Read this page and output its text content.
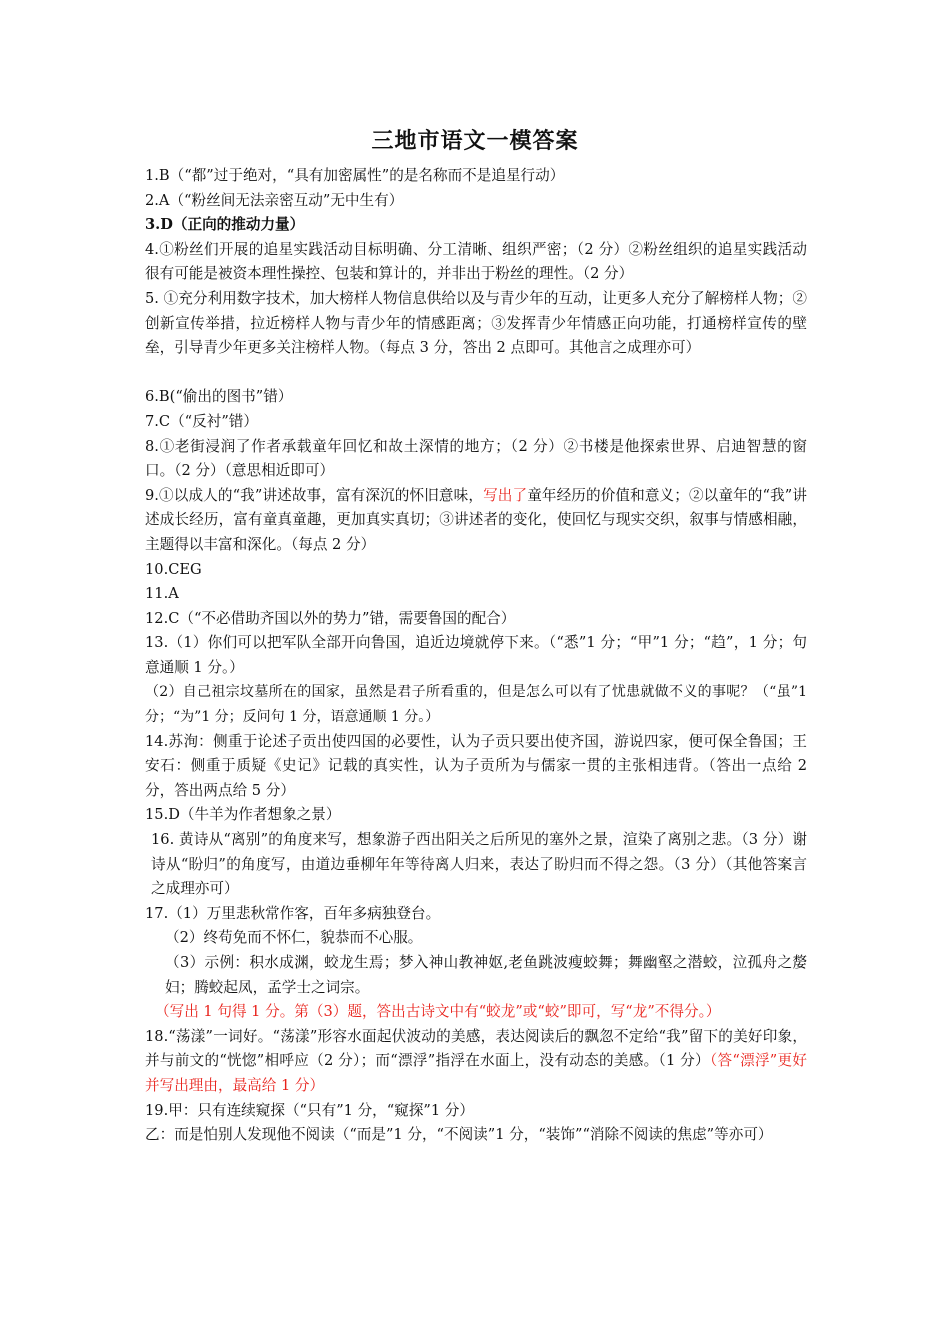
三地市语文一模答案

1.B（“都”过于绝对，“具有加密属性”的是名称而不是追星行动）

2.A（“粉丝间无法亲密互动”无中生有）

3.D（正向的推动力量）

4.①粉丝们开展的追星实践活动目标明确、分工清晰、组织严密；（2 分）②粉丝组织的追星实践活动很有可能是被资本理性操控、包装和算计的，并非出于粉丝的理性。（2 分）

5. ①充分利用数字技术，加大榜样人物信息供给以及与青少年的互动，让更多人充分了解榜样人物；②创新宣传举措，拉近榜样人物与青少年的情感距离；③发挥青少年情感正向功能，打通榜样宣传的壁垒，引导青少年更多关注榜样人物。（每点 3 分，答出 2 点即可。其他言之成理亦可）

6.B(“偷出的图书”错）

7.C（“反衬”错）

8.①老街浸润了作者承载童年回忆和故土深情的地方；（2 分）②书楼是他探索世界、启迪智慧的窗口。（2 分）（意思相近即可）

9.①以成人的“我”讲述故事，富有深沉的怀旧意味，写出了童年经历的价值和意义；②以童年的“我”讲述成长经历，富有童真童趣，更加真实真切；③讲述者的变化，使回忆与现实交织，叙事与情感相融，主题得以丰富和深化。（每点 2 分）

10.CEG

11.A

12.C（“不必借助齐国以外的势力”错，需要鲁国的配合）

13.（1）你们可以把军队全部开向鲁国，追近边境就停下来。（“悉”1 分；“甲”1 分；“趋”，1 分；句意通顺 1 分。）

（2）自己祖宗坟墓所在的国家，虽然是君子所看重的，但是怎么可以有了忧患就做不义的事呢？（“虽”1 分；“为”1 分；反问句 1 分，语意通顺 1 分。）

14.苏洵：侧重于论述子贡出使四国的必要性，认为子贡只要出使齐国，游说四家，便可保全鲁国；王安石：侧重于质疑《史记》记载的真实性，认为子贡所为与儒家一贯的主张相违背。（答出一点给 2 分，答出两点给 5 分）

15.D（牛羊为作者想象之景）

16. 黄诗从“离别”的角度来写，想象游子西出阳关之后所见的塞外之景，渲染了离别之悲。（3 分）谢诗从“盼归”的角度写，由道边垂柳年年等待离人归来，表达了盼归而不得之怨。（3 分）（其他答案言之成理亦可）

17.（1）万里悲秋常作客，百年多病独登台。

（2）终苟免而不怀仁，貌恭而不心服。

（3）示例：积水成渊，蛟龙生焉；梦入神山教神妪,老鱼跳波瘦蛟舞；舞幽壑之潜蛟，泣孤舟之嫠妇；腾蛟起凤，孟学士之词宗。

（写出 1 句得 1 分。第（3）题，答出古诗文中有“蛟龙”或“蛟”即可，写“龙”不得分。）

18.“荡漾”一词好。“荡漾”形容水面起伏波动的美感，表达阅读后的飘忽不定给“我”留下的美好印象，并与前文的“恍惚”相呼应（2 分）；而“漂浮”指浮在水面上，没有动态的美感。（1 分）（答“漂浮”更好并写出理由，最高给 1 分）

19.甲：只有连续窥探（“只有”1 分，“窥探”1 分）

乙：而是怕别人发现他不阅读（“而是”1 分，“不阅读”1 分，“装饰”“消除不阅读的焦虑”等亦可）
